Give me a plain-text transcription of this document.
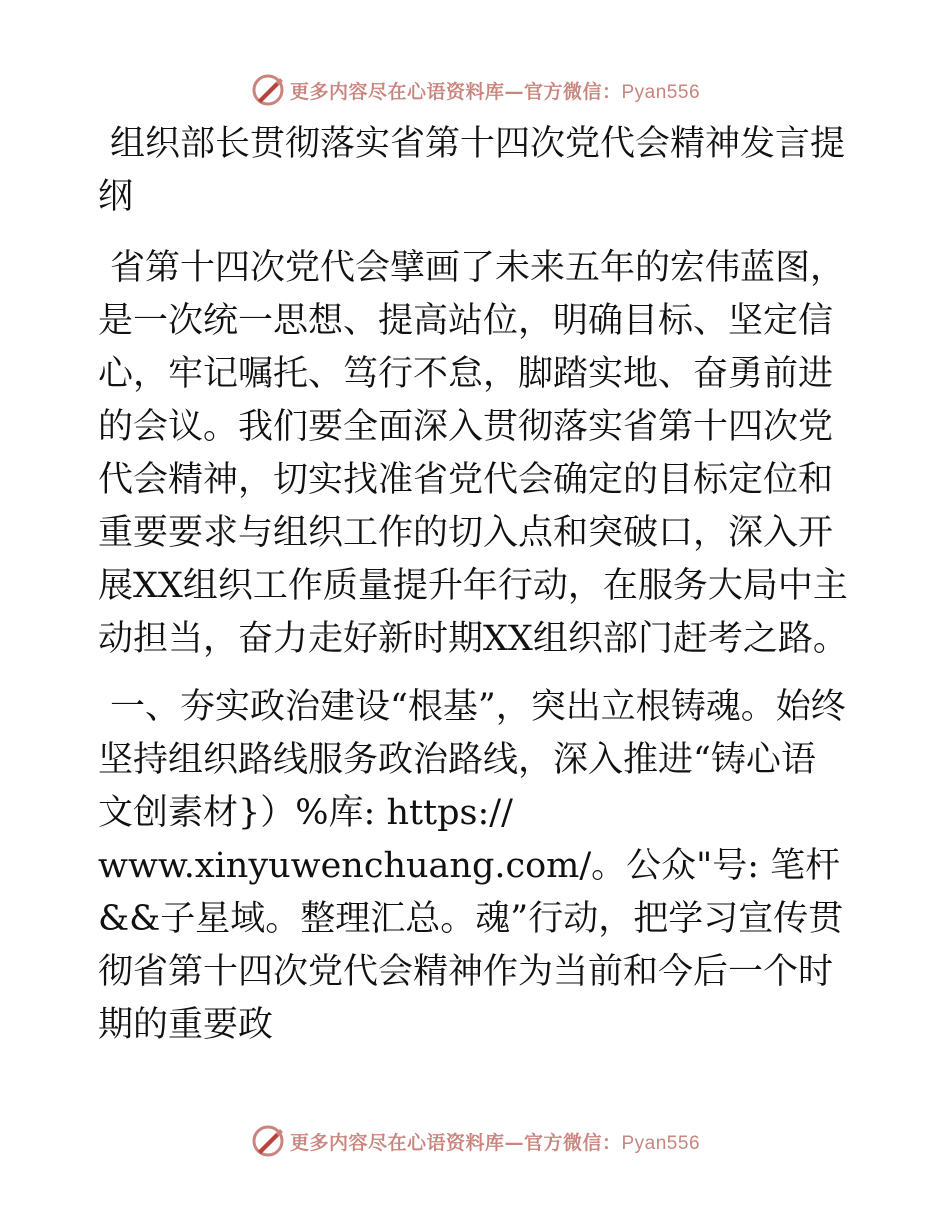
更多内容尽在心语资料库—官方微信：Pyan556

组织部长贯彻落实省第十四次党代会精神发言提纲

省第十四次党代会擘画了未来五年的宏伟蓝图，是一次统一思想、提高站位，明确目标、坚定信心，牢记嘱托、笃行不怠，脚踏实地、奋勇前进的会议。我们要全面深入贯彻落实省第十四次党代会精神，切实找准省党代会确定的目标定位和重要要求与组织工作的切入点和突破口，深入开展XX组织工作质量提升年行动，在服务大局中主动担当，奋力走好新时期XX组织部门赶考之路。

一、夯实政治建设“根基”，突出立根铸魂。始终坚持组织路线服务政治路线，深入推进“铸心语文创素材}）%库: https://

www.xinyuwenchuang.com/。公众"号: 笔杆&&子星域。整理汇总。魂”行动，把学习宣传贯彻省第十四次党代会精神作为当前和今后一个时期的重要政

更多内容尽在心语资料库—官方微信：Pyan556
